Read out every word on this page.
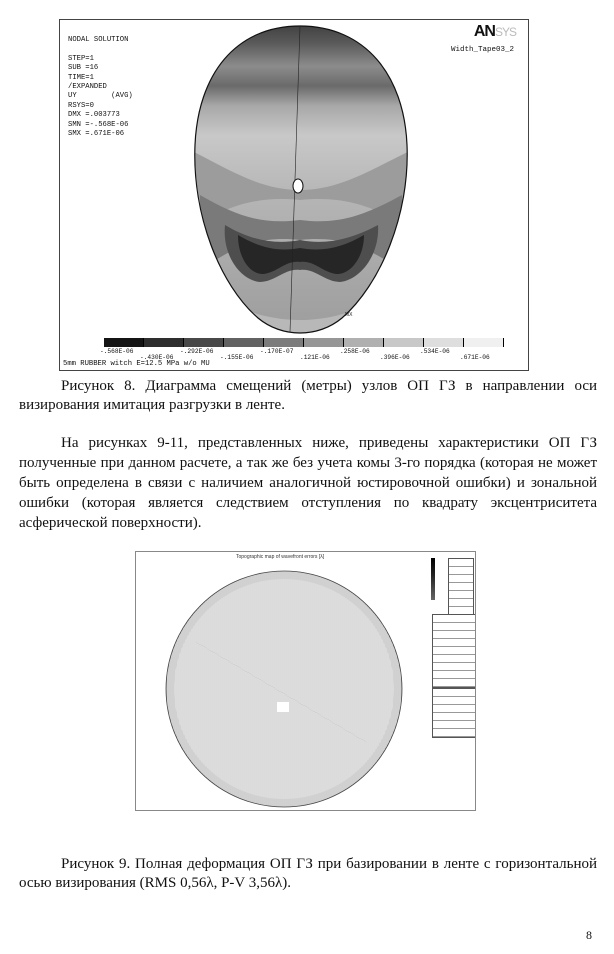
MX
ANSYS
Width_Tape03_2
NODAL SOLUTION

STEP=1
SUB =16
TIME=1
/EXPANDED
UY        (AVG)
RSYS=0
DMX =.003773
SMN =-.568E-06
SMX =.671E-06
-.568E-06	-.292E-06	-.170E-07	.258E-06	.534E-06
-.430E-06	-.155E-06	.121E-06	.396E-06	.671E-06
5mm RUBBER witch E=12.5 MPa w/o MU
Рисунок 8. Диаграмма смещений (метры) узлов ОП ГЗ в направлении оси визирования имитация разгрузки в ленте.
На рисунках 9-11, представленных ниже, приведены характеристики ОП ГЗ полученные при данном расчете, а так же без учета комы 3-го порядка (которая не может быть определена в связи с наличием аналогичной юстировочной ошибки) и зональной ошибки (которая является следствием отступления по квадрату эксцентриситета асферической поверхности).
Topographic map of wavefront errors [λ]
Рисунок 9. Полная деформация ОП ГЗ при базировании в ленте с горизонтальной осью визирования (RMS 0,56λ, P-V 3,56λ).
8
